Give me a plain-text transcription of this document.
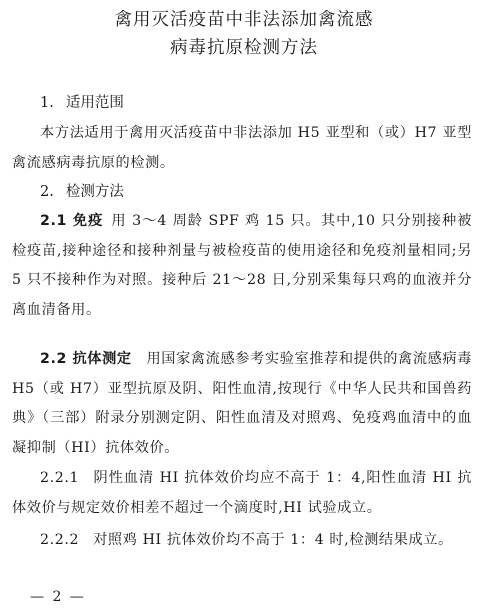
禽用灭活疫苗中非法添加禽流感
病毒抗原检测方法
1. 适用范围

本方法适用于禽用灭活疫苗中非法添加 H5 亚型和（或）H7 亚型禽流感病毒抗原的检测。

2. 检测方法

2.1 免疫  用 3～4 周龄 SPF 鸡 15 只。其中,10 只分别接种被检疫苗,接种途径和接种剂量与被检疫苗的使用途径和免疫剂量相同;另 5 只不接种作为对照。接种后 21～28 日,分别采集每只鸡的血液并分离血清备用。

2.2 抗体测定  用国家禽流感参考实验室推荐和提供的禽流感病毒 H5（或 H7）亚型抗原及阴、阳性血清,按现行《中华人民共和国兽药典》（三部）附录分别测定阴、阳性血清及对照鸡、免疫鸡血清中的血凝抑制（HI）抗体效价。

2.2.1 阴性血清 HI 抗体效价均应不高于 1：4,阳性血清 HI 抗体效价与规定效价相差不超过一个滴度时,HI 试验成立。

2.2.2 对照鸡 HI 抗体效价均不高于 1：4 时,检测结果成立。

— 2 —
